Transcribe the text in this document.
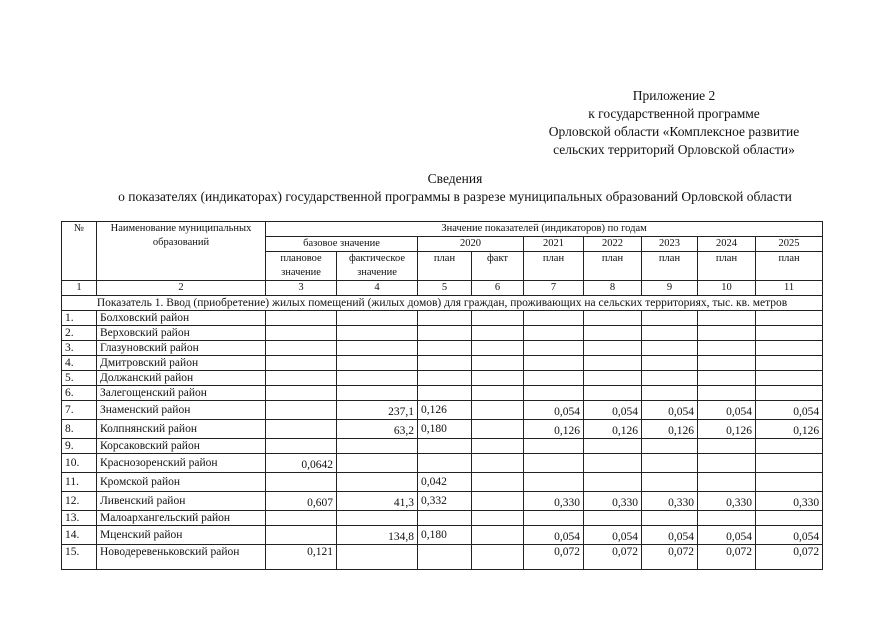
Приложение 2
к государственной программе
Орловской области «Комплексное развитие
сельских территорий Орловской области»
Сведения
о показателях (индикаторах) государственной программы в разрезе муниципальных образований Орловской области
№	Наименование муниципальных образований	Значение показателей (индикаторов) по годам								
		базовое значение		2020		2021	2022	2023	2024	2025
		плановое значение	фактическое значение	план	факт	план	план	план	план	план
1	2	3	4	5	6	7	8	9	10	11
Показатель 1. Ввод (приобретение) жилых помещений (жилых домов) для граждан, проживающих на сельских территориях, тыс. кв. метров										
1.	Болховский район									
2.	Верховский район									
3.	Глазуновский район									
4.	Дмитровский район									
5.	Должанский район									
6.	Залегощенский район									
7.	Знаменский район		237,1	0,126		0,054	0,054	0,054	0,054	0,054
8.	Колпнянский район		63,2	0,180		0,126	0,126	0,126	0,126	0,126
9.	Корсаковский район									
10.	Краснозоренский район	0,0642								
11.	Кромской район			0,042						
12.	Ливенский район	0,607	41,3	0,332		0,330	0,330	0,330	0,330	0,330
13.	Малоархангельский район									
14.	Мценский район		134,8	0,180		0,054	0,054	0,054	0,054	0,054
15.	Новодеревеньковский район	0,121				0,072	0,072	0,072	0,072	0,072
